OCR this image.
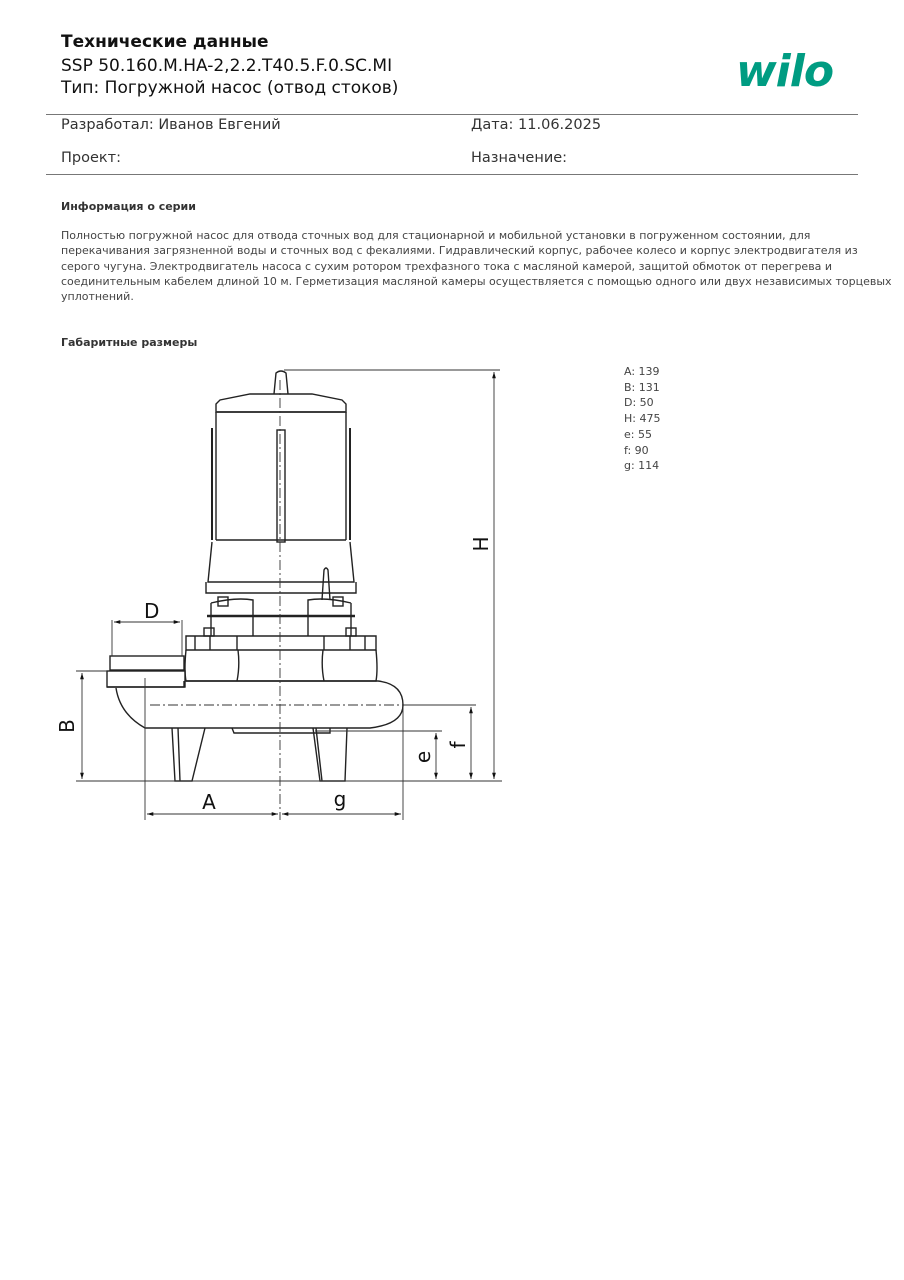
Технические данные
SSP 50.160.M.HA-2,2.2.T40.5.F.0.SC.MI
Тип: Погружной насос (отвод стоков)	wilo
Разработал: Иванов Евгений	Дата: 11.06.2025
Проект:	Назначение:
Информация о серии
Полностью погружной насос для отвода сточных вод для стационарной и мобильной установки в погруженном состоянии, для
перекачивания загрязненной воды и сточных вод с фекалиями. Гидравлический корпус, рабочее колесо и корпус электродвигателя из
серого чугуна. Электродвигатель насоса с сухим ротором трехфазного тока с масляной камерой, защитой обмоток от перегрева и
соединительным кабелем длиной 10 м. Герметизация масляной камеры осуществляется с помощью одного или двух независимых торцевых
уплотнений.
Габаритные размеры
A: 139
B: 131
D: 50
H: 475
e: 55
f: 90
g: 114
D
B
H
f
e
A	g
